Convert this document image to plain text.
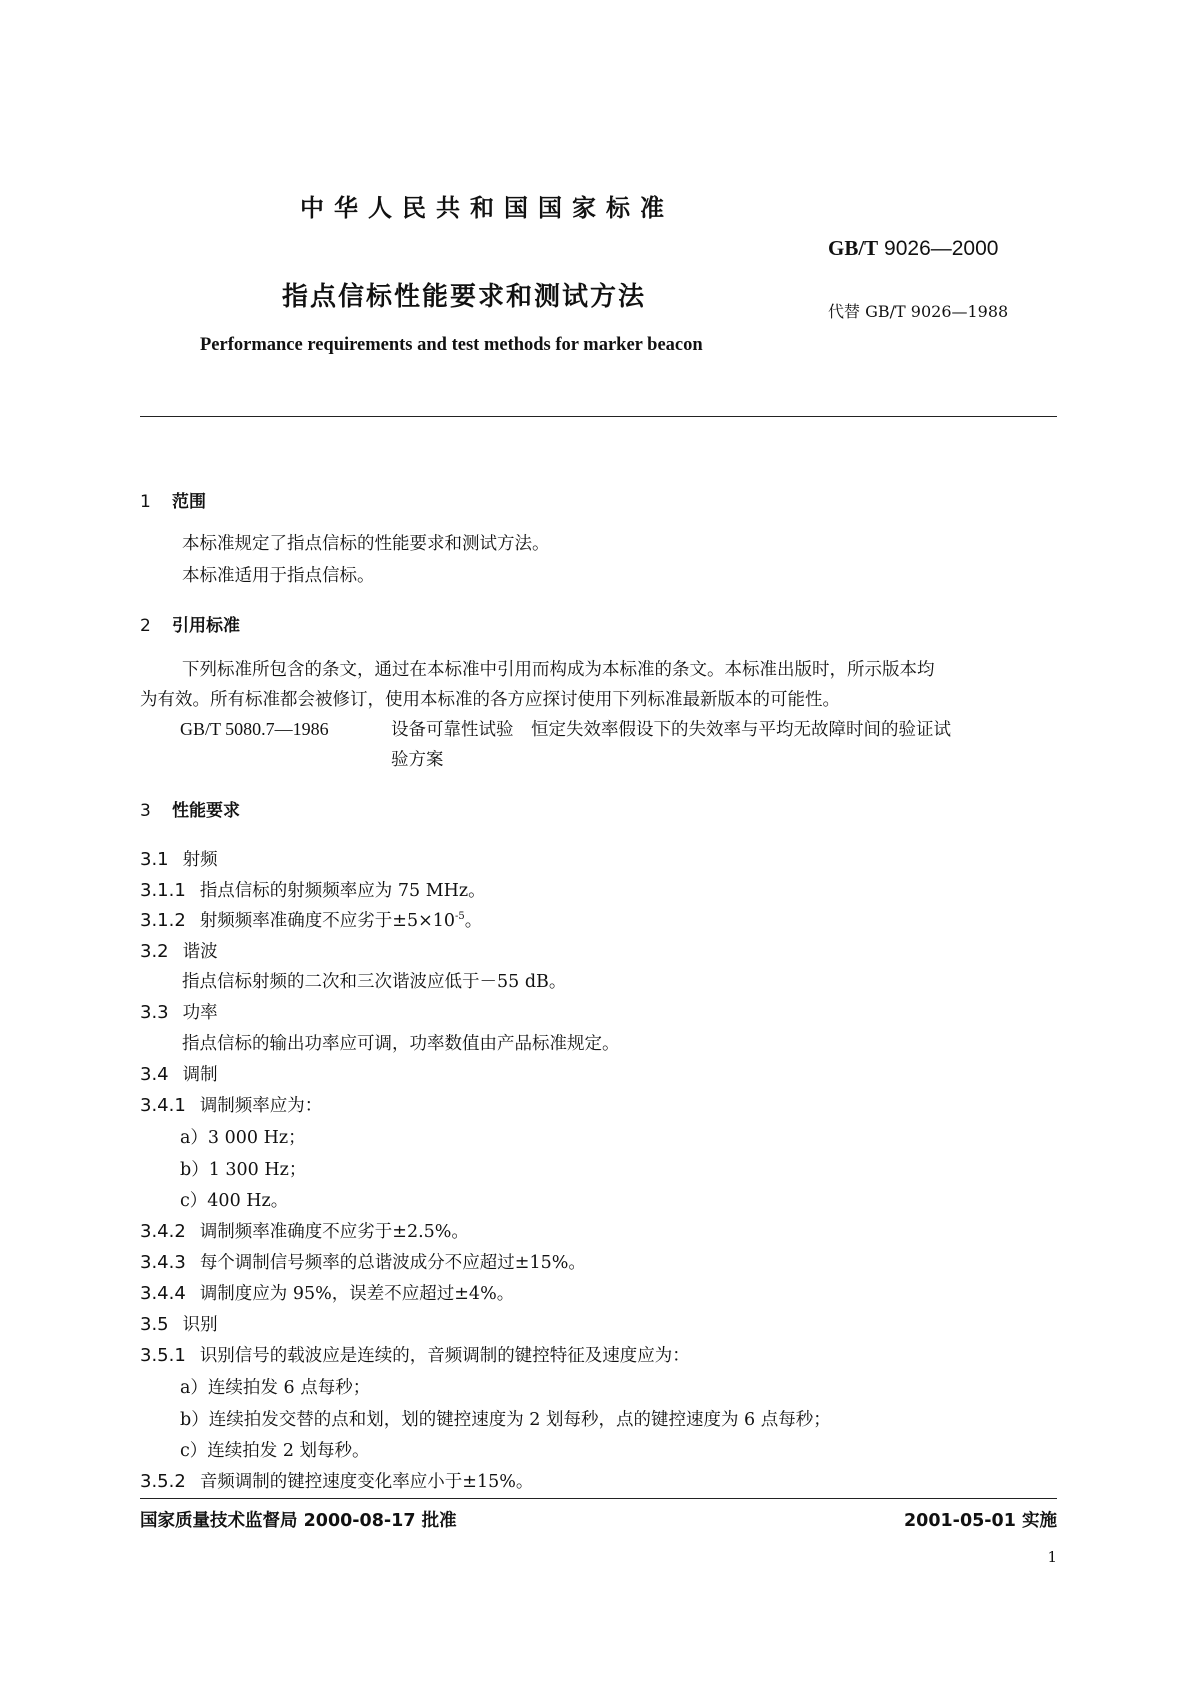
中华人民共和国国家标准
GB/T 9026—2000
指点信标性能要求和测试方法	代替 GB/T 9026—1988
Performance requirements and test methods for marker beacon
1 范围
本标准规定了指点信标的性能要求和测试方法。
本标准适用于指点信标。
2 引用标准
下列标准所包含的条文，通过在本标准中引用而构成为本标准的条文。本标准出版时，所示版本均
为有效。所有标准都会被修订，使用本标准的各方应探讨使用下列标准最新版本的可能性。
GB/T 5080.7—1986	设备可靠性试验　恒定失效率假设下的失效率与平均无故障时间的验证试
验方案
3 性能要求
3.1 射频
3.1.1 指点信标的射频频率应为 75 MHz。
3.1.2 射频频率准确度不应劣于$\pm 5\times 10^{-5}$。
3.2 谐波
指点信标射频的二次和三次谐波应低于－55 dB。
3.3 功率
指点信标的输出功率应可调，功率数值由产品标准规定。
3.4 调制
3.4.1 调制频率应为：
a）3 000 Hz；
b）1 300 Hz；
c）400 Hz。
3.4.2 调制频率准确度不应劣于±2.5%。
3.4.3 每个调制信号频率的总谐波成分不应超过±15%。
3.4.4 调制度应为 95%，误差不应超过±4%。
3.5 识别
3.5.1 识别信号的载波应是连续的，音频调制的键控特征及速度应为：
a）连续拍发 6 点每秒；
b）连续拍发交替的点和划，划的键控速度为 2 划每秒，点的键控速度为 6 点每秒；
c）连续拍发 2 划每秒。
3.5.2 音频调制的键控速度变化率应小于±15%。
国家质量技术监督局 2000-08-17 批准	2001-05-01 实施
1
